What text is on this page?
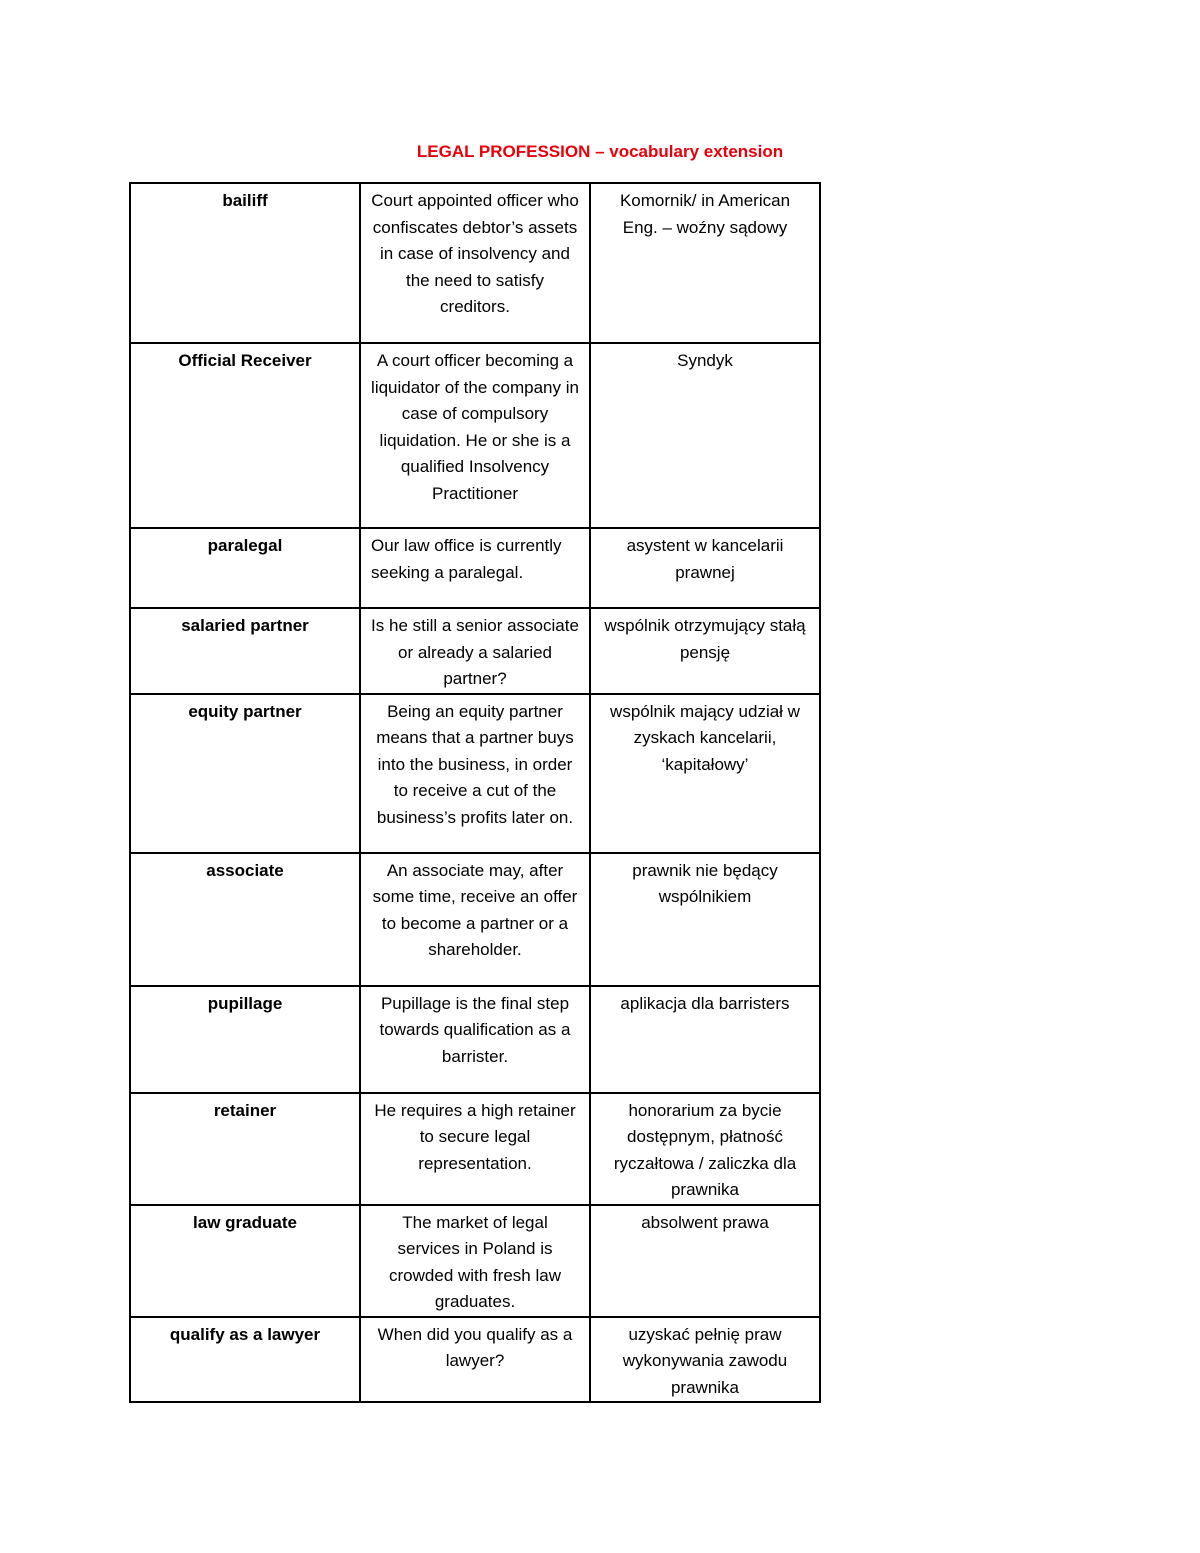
LEGAL PROFESSION – vocabulary extension
bailiff	Court appointed officer who confiscates debtor’s assets in case of insolvency and the need to satisfy creditors.	Komornik/ in American Eng. – woźny sądowy
Official Receiver	A court officer becoming a liquidator of the company in case of compulsory liquidation. He or she is a qualified Insolvency Practitioner	Syndyk
paralegal	Our law office is currently seeking a paralegal.	asystent w kancelarii prawnej
salaried partner	Is he still a senior associate or already a salaried partner?	wspólnik otrzymujący stałą pensję
equity partner	Being an equity partner means that a partner buys into the business, in order to receive a cut of the business’s profits later on.	wspólnik mający udział w zyskach kancelarii, ‘kapitałowy’
associate	An associate may, after some time, receive an offer to become a partner or a shareholder.	prawnik nie będący wspólnikiem
pupillage	Pupillage is the final step towards qualification as a barrister.	aplikacja dla barristers
retainer	He requires a high retainer to secure legal representation.	honorarium za bycie dostępnym, płatność ryczałtowa / zaliczka dla prawnika
law graduate	The market of legal services in Poland is crowded with fresh law graduates.	absolwent prawa
qualify as a lawyer	When did you qualify as a lawyer?	uzyskać pełnię praw wykonywania zawodu prawnika
